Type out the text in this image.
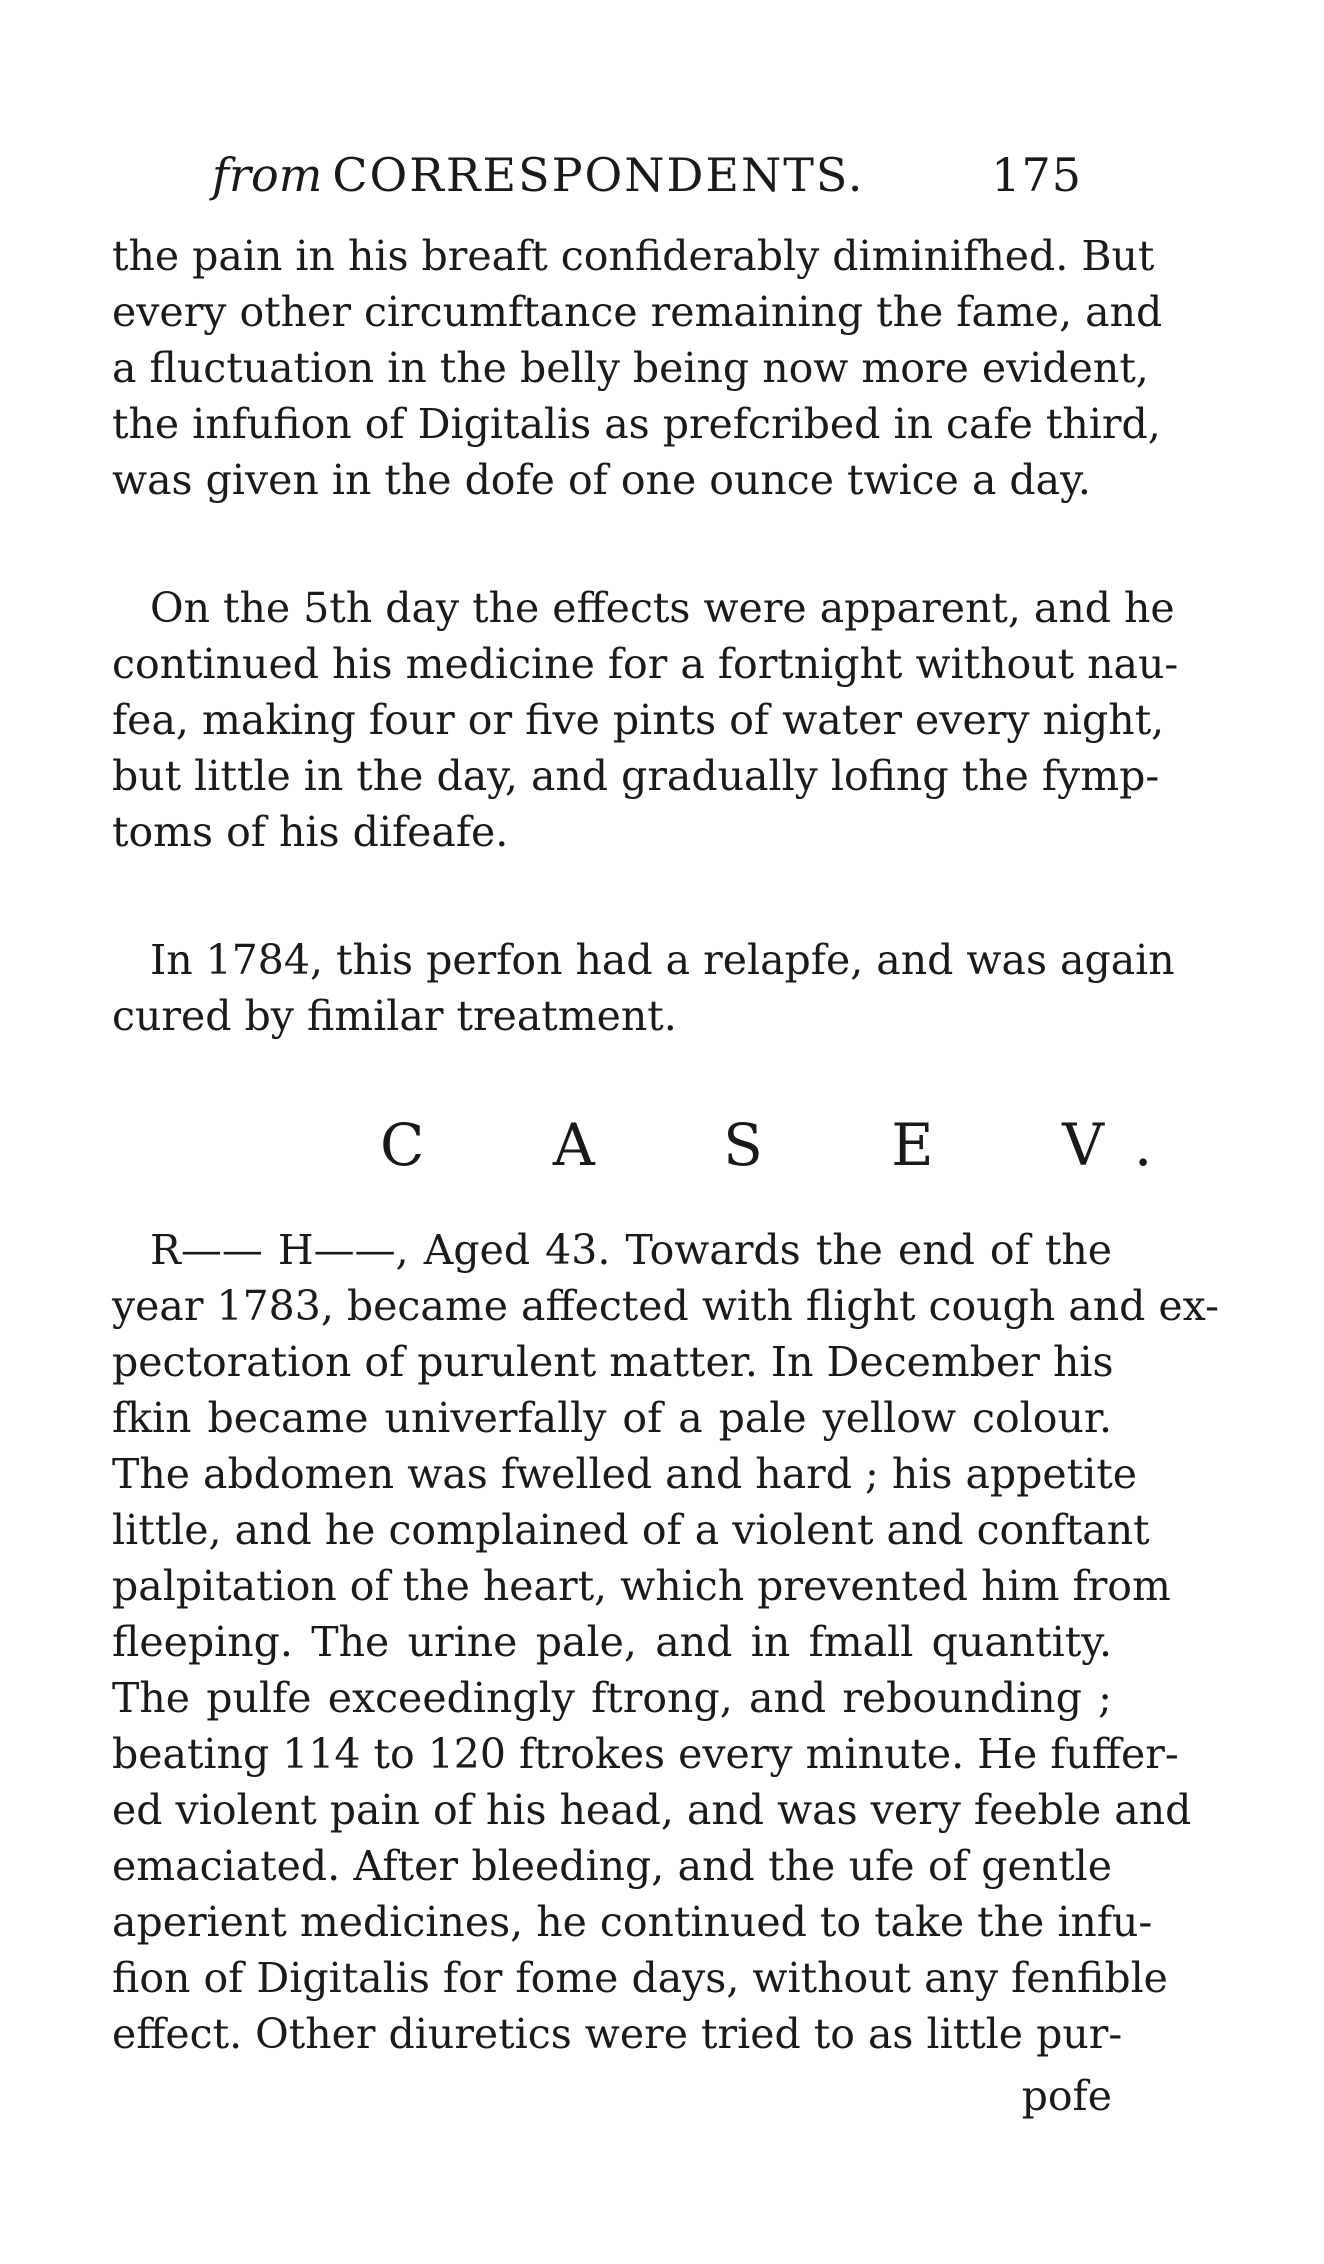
from CORRESPONDENTS.	175
the pain in his breaft confiderably diminifhed. But
every other circumftance remaining the fame, and
a fluctuation in the belly being now more evident,
the infufion of Digitalis as prefcribed in cafe third,
was given in the dofe of one ounce twice a day.
On the 5th day the effects were apparent, and he
continued his medicine for a fortnight without nau-
fea, making four or five pints of water every night,
but little in the day, and gradually lofing the fymp-
toms of his difeafe.
In 1784, this perfon had a relapfe, and was again
cured by fimilar treatment.
C A S E V.
R—— H——, Aged 43. Towards the end of the
year 1783, became affected with flight cough and ex-
pectoration of purulent matter. In December his
fkin became univerfally of a pale yellow colour.
The abdomen was fwelled and hard ; his appetite
little, and he complained of a violent and conftant
palpitation of the heart, which prevented him from
fleeping. The urine pale, and in fmall quantity.
The pulfe exceedingly ftrong, and rebounding ;
beating 114 to 120 ftrokes every minute. He fuffer-
ed violent pain of his head, and was very feeble and
emaciated. After bleeding, and the ufe of gentle
aperient medicines, he continued to take the infu-
fion of Digitalis for fome days, without any fenfible
effect. Other diuretics were tried to as little pur-
pofe
